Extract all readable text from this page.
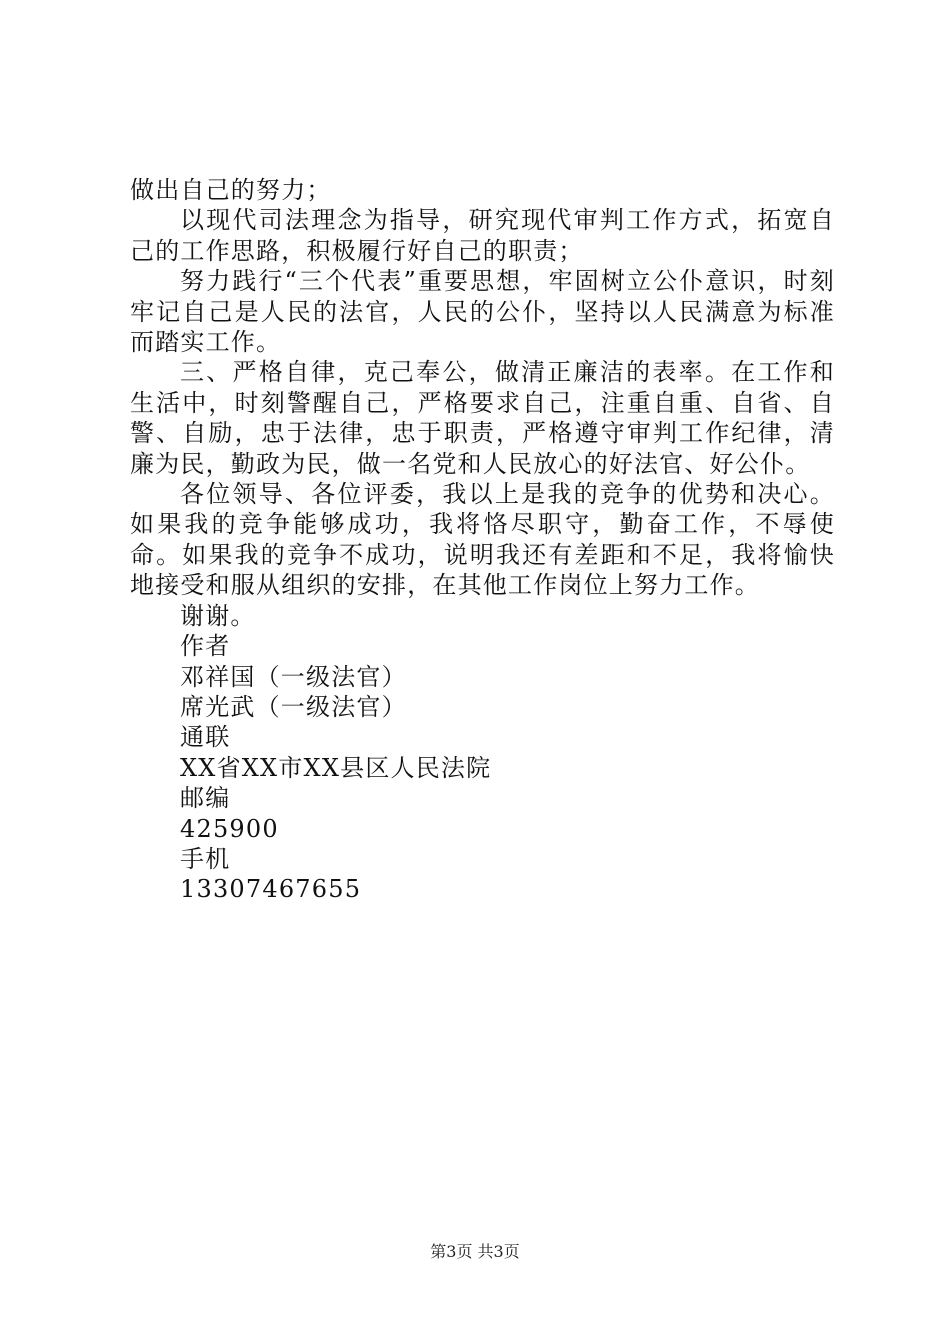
做出自己的努力；

以现代司法理念为指导，研究现代审判工作方式，拓宽自己的工作思路，积极履行好自己的职责；

努力践行“三个代表”重要思想，牢固树立公仆意识，时刻牢记自己是人民的法官，人民的公仆，坚持以人民满意为标准而踏实工作。

三、严格自律，克己奉公，做清正廉洁的表率。在工作和生活中，时刻警醒自己，严格要求自己，注重自重、自省、自警、自励，忠于法律，忠于职责，严格遵守审判工作纪律，清廉为民，勤政为民，做一名党和人民放心的好法官、好公仆。

各位领导、各位评委，我以上是我的竞争的优势和决心。如果我的竞争能够成功，我将恪尽职守，勤奋工作，不辱使命。如果我的竞争不成功，说明我还有差距和不足，我将愉快地接受和服从组织的安排，在其他工作岗位上努力工作。

谢谢。

作者

邓祥国（一级法官）

席光武（一级法官）

通联

XX省XX市XX县区人民法院

邮编

425900

手机

13307467655

第3页 共3页
